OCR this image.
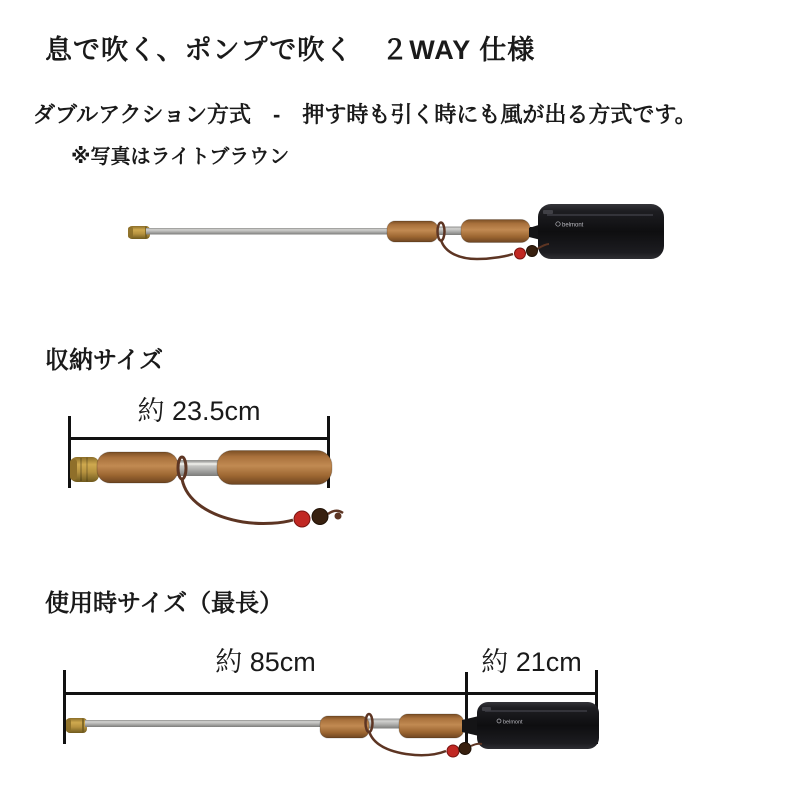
息で吹く、ポンプで吹く　２WAY 仕様
ダブルアクション方式　-　押す時も引く時にも風が出る方式です。
※写真はライトブラウン
belmont
収納サイズ
約 23.5cm
使用時サイズ（最長）
約 85cm	約 21cm
belmont
